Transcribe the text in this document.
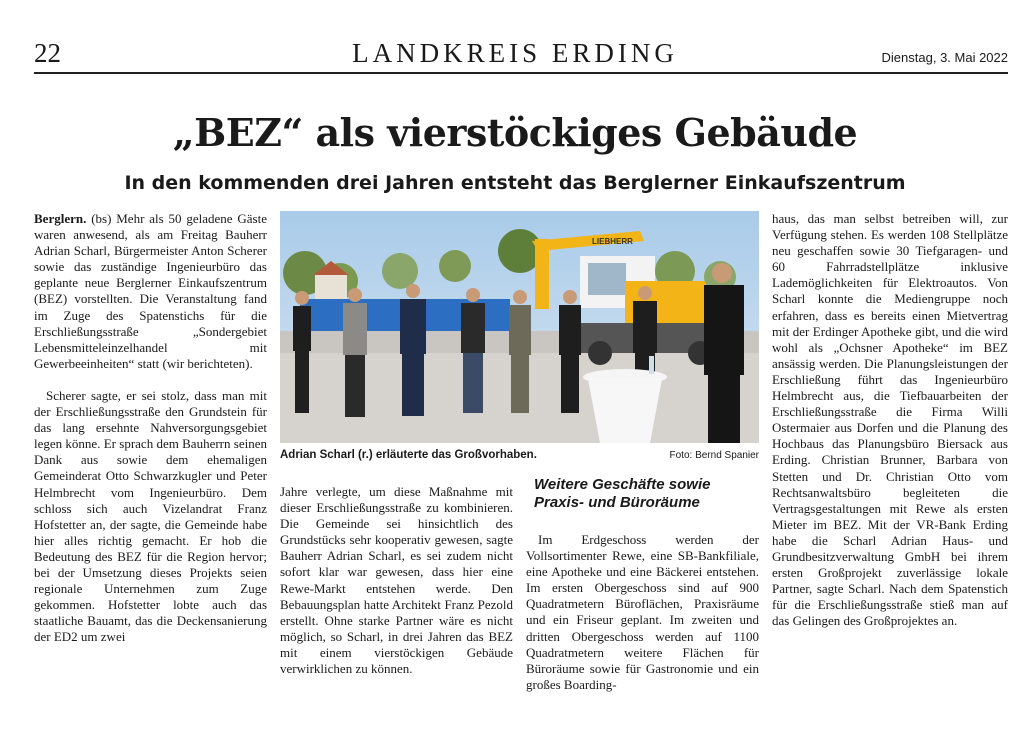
22	LANDKREIS ERDING	Dienstag, 3. Mai 2022
„BEZ“ als vierstöckiges Gebäude
In den kommenden drei Jahren entsteht das Berglerner Einkaufszentrum

Berglern. (bs) Mehr als 50 geladene Gäste waren anwesend, als am Freitag Bauherr Adrian Scharl, Bürgermeister Anton Scherer sowie das zuständige Ingenieurbüro das geplante neue Berglerner Einkaufszentrum (BEZ) vorstellten. Die Veranstaltung fand im Zuge des Spatenstichs für die Erschließungsstraße „Sondergebiet Lebensmitteleinzelhandel mit Gewerbeeinheiten“ statt (wir berichteten).

Scherer sagte, er sei stolz, dass man mit der Erschließungsstraße den Grundstein für das lang ersehnte Nahversorgungsgebiet legen könne. Er sprach dem Bauherrn seinen Dank aus sowie dem ehemaligen Gemeinderat Otto Schwarzkugler und Peter Helmbrecht vom Ingenieurbüro. Dem schloss sich auch Vizelandrat Franz Hofstetter an, der sagte, die Gemeinde habe hier alles richtig gemacht. Er hob die Bedeutung des BEZ für die Region hervor; bei der Umsetzung dieses Projekts seien regionale Unternehmen zum Zuge gekommen. Hofstetter lobte auch das staatliche Bauamt, das die Deckensanierung der ED2 um zwei

LIEBHERR
Adrian Scharl (r.) erläuterte das Großvorhaben.	Foto: Bernd Spanier

Jahre verlegte, um diese Maßnahme mit dieser Erschließungsstraße zu kombinieren. Die Gemeinde sei hinsichtlich des Grundstücks sehr kooperativ gewesen, sagte Bauherr Adrian Scharl, es sei zudem nicht sofort klar war gewesen, dass hier eine Rewe-Markt entstehen werde. Den Bebauungsplan hatte Architekt Franz Pezold erstellt. Ohne starke Partner wäre es nicht möglich, so Scharl, in drei Jahren das BEZ mit einem vierstöckigen Gebäude verwirklichen zu können.

Weitere Geschäfte sowie Praxis- und Büroräume

Im Erdgeschoss werden der Vollsortimenter Rewe, eine SB-Bankfiliale, eine Apotheke und eine Bäckerei entstehen. Im ersten Obergeschoss sind auf 900 Quadratmetern Büroflächen, Praxisräume und ein Friseur geplant. Im zweiten und dritten Obergeschoss werden auf 1100 Quadratmetern weitere Flächen für Büroräume sowie für Gastronomie und ein großes Boarding-

haus, das man selbst betreiben will, zur Verfügung stehen. Es werden 108 Stellplätze neu geschaffen sowie 30 Tiefgaragen- und 60 Fahrradstellplätze inklusive Lademöglichkeiten für Elektroautos. Von Scharl konnte die Mediengruppe noch erfahren, dass es bereits einen Mietvertrag mit der Erdinger Apotheke gibt, und die wird wohl als „Ochsner Apotheke“ im BEZ ansässig werden. Die Planungsleistungen der Erschließung führt das Ingenieurbüro Helmbrecht aus, die Tiefbauarbeiten der Erschließungsstraße die Firma Willi Ostermaier aus Dorfen und die Planung des Hochbaus das Planungsbüro Biersack aus Erding. Christian Brunner, Barbara von Stetten und Dr. Christian Otto vom Rechtsanwaltsbüro begleiteten die Vertragsgestaltungen mit Rewe als ersten Mieter im BEZ. Mit der VR-Bank Erding habe die Scharl Adrian Haus- und Grundbesitzverwaltung GmbH bei ihrem ersten Großprojekt zuverlässige lokale Partner, sagte Scharl. Nach dem Spatenstich für die Erschließungsstraße stieß man auf das Gelingen des Großprojektes an.
